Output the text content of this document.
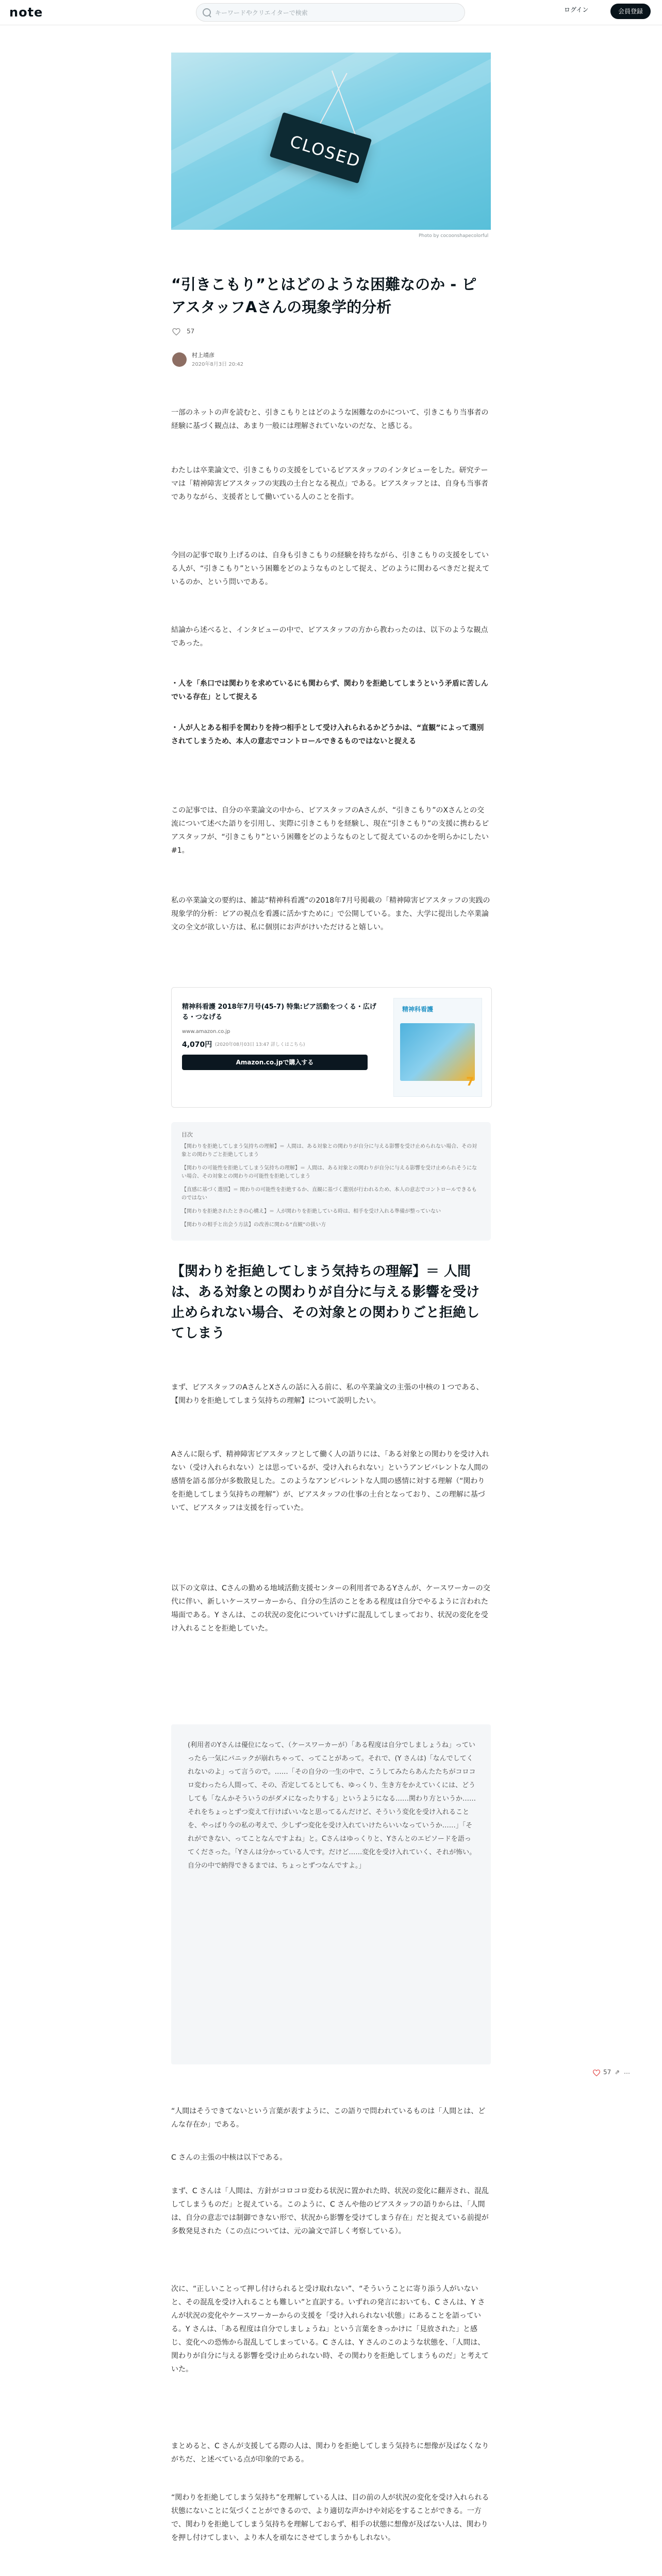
note	キーワードやクリエイターで検索	ログイン	会員登録
CLOSED
Photo by cocoonshapecolorful
“引きこもり”とはどのような困難なのか - ピアスタッフAさんの現象学的分析
57
村上靖彦
2020年8月3日 20:42

一部のネットの声を読むと、引きこもりとはどのような困難なのかについて、引きこもり当事者の経験に基づく観点は、あまり一般には理解されていないのだな、と感じる。

わたしは卒業論文で、引きこもりの支援をしているピアスタッフのインタビューをした。研究テーマは「精神障害ピアスタッフの実践の土台となる視点」である。ピアスタッフとは、自身も当事者でありながら、支援者として働いている人のことを指す。

今回の記事で取り上げるのは、自身も引きこもりの経験を持ちながら、引きこもりの支援をしている人が、“引きこもり”という困難をどのようなものとして捉え、どのように関わるべきだと捉えているのか、という問いである。

結論から述べると、インタビューの中で、ピアスタッフの方から教わったのは、以下のような観点であった。

・人を「糸口では関わりを求めているにも関わらず、関わりを拒絶してしまうという矛盾に苦しんでいる存在」として捉える

・人が人とある相手を関わりを持つ相手として受け入れられるかどうかは、“直観”によって選別されてしまうため、本人の意志でコントロールできるものではないと捉える

この記事では、自分の卒業論文の中から、ピアスタッフのAさんが、“引きこもり”のXさんとの交流について述べた語りを引用し、実際に引きこもりを経験し、現在“引きこもり”の支援に携わるピアスタッフが、“引きこもり”という困難をどのようなものとして捉えているのかを明らかにしたい #1。

私の卒業論文の要約は、雑誌“精神科看護”の2018年7月号掲載の「精神障害ピアスタッフの実践の現象学的分析：ピアの視点を看護に活かすために」で公開している。また、大学に提出した卒業論文の全文が欲しい方は、私に個別にお声がけいただけると嬉しい。

精神科看護 2018年7月号(45-7) 特集:ピア活動をつくる・広げる・つなげる
www.amazon.co.jp
4,070円 (2020年08月03日 13:47 詳しくはこちら)
Amazon.co.jpで購入する
精神科看護
7
目次
【関わりを拒絶してしまう気持ちの理解】＝ 人間は、ある対象との関わりが自分に与える影響を受け止められない場合、その対象との関わりごと拒絶してしまう
【関わりの可能性を拒絶してしまう気持ちの理解】＝ 人間は、ある対象との関わりが自分に与える影響を受け止められそうにない場合、その対象との関わりの可能性を拒絶してしまう
【直感に基づく選別】＝ 関わりの可能性を拒絶するか、直観に基づく選別が行われるため、本人の意志でコントロールできるものではない
【関わりを拒絶されたときの心構え】＝ 人が関わりを拒絶している時は、相手を受け入れる準備が整っていない
【関わりの相手と出会う方法】の改善に関わる“直観”の扱い方
【関わりを拒絶してしまう気持ちの理解】＝ 人間は、ある対象との関わりが自分に与える影響を受け止められない場合、その対象との関わりごと拒絶してしまう

まず、ピアスタッフのAさんとXさんの話に入る前に、私の卒業論文の主張の中核の１つである、【関わりを拒絶してしまう気持ちの理解】について説明したい。

Aさんに限らず、精神障害ピアスタッフとして働く人の語りには、「ある対象との関わりを受け入れない（受け入れられない）とは思っているが、受け入れられない」というアンビバレントな人間の感情を語る部分が多数散見した。このようなアンビバレントな人間の感情に対する理解（“関わりを拒絶してしまう気持ちの理解”）が、ピアスタッフの仕事の土台となっており、この理解に基づいて、ピアスタッフは支援を行っていた。

以下の文章は、Cさんの勤める地域活動支援センターの利用者であるYさんが、ケースワーカーの交代に伴い、新しいケースワーカーから、自分の生活のことをある程度は自分でやるように言われた場面である。Y さんは、この状況の変化についていけずに混乱してしまっており、状況の変化を受け入れることを拒絶していた。

(利用者のYさんは優位になって、（ケースワーカーが）「ある程度は自分でしましょうね」っていったら一気にパニックが崩れちゃって、ってことがあって。それで、(Y さんは)「なんでしてくれないのよ」って言うので。……「その自分の一生の中で、こうしてみたらあんたたちがコロコロ変わったら人間って、その、否定してるとしても、ゆっくり、生き方をかえていくには、どうしても「なんかそういうのがダメになったりする」というようになる……関わり方というか……それをちょっとずつ変えて行けばいいなと思ってるんだけど、そういう変化を受け入れることを、やっぱり今の私の考えで、少しずつ変化を受け入れていけたらいいなっていうか……」「それができない、ってことなんですよね」と。Cさんはゆっくりと、Yさんとのエピソードを語ってくださった。「Yさんは分かっている人です。だけど……変化を受け入れていく、それが怖い。自分の中で納得できるまでは、ちょっとずつなんですよ。」

57 ⇗ …

“人間はそうできてないという言葉が表すように、この語りで問われているものは「人間とは、どんな存在か」である。

C さんの主張の中核は以下である。

まず、C さんは「人間は、方針がコロコロ変わる状況に置かれた時、状況の変化に翻弄され、混乱してしまうものだ」と捉えている。このように、C さんや他のピアスタッフの語りからは、「人間は、自分の意志では制御できない形で、状況から影響を受けてしまう存在」だと捉えている前提が多数発見された（この点については、元の論文で詳しく考察している）。

次に、“正しいことって押し付けられると受け取れない”、“そういうことに寄り添う人がいないと、その混乱を受け入れることも難しい”と直訳する。いずれの発言においても、C さんは、Y さんが状況の変化やケースワーカーからの支援を「受け入れられない状態」にあることを語っている。Y さんは、「ある程度は自分でしましょうね」という言葉をきっかけに「見放された」と感じ、変化への恐怖から混乱してしまっている。C さんは、Y さんのこのような状態を、「人間は、関わりが自分に与える影響を受け止められない時、その関わりを拒絶してしまうものだ」と考えていた。

まとめると、C さんが支援してる際の人は、関わりを拒絶してしまう気持ちに想像が及ばなくなりがちだ、と述べている点が印象的である。

“関わりを拒絶してしまう気持ち”を理解している人は、目の前の人が状況の変化を受け入れられる状態にないことに気づくことができるので、より適切な声かけや対応をすることができる。一方で、関わりを拒絶してしまう気持ちを理解しておらず、相手の状態に想像が及ばない人は、関わりを押し付けてしまい、より本人を頑なにさせてしまうかもしれない。
